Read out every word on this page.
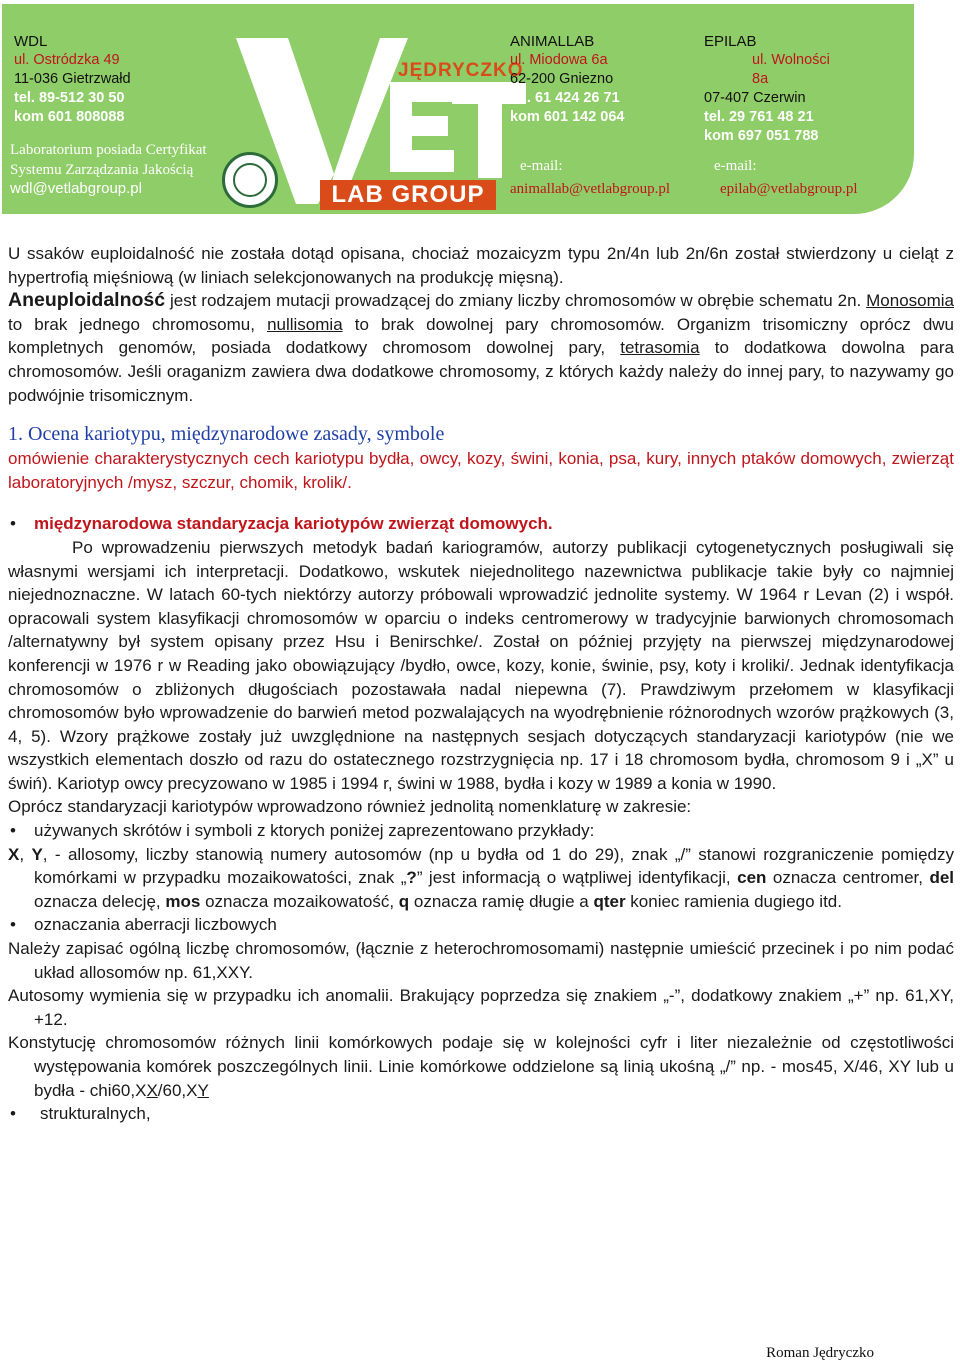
WDL
ul. Ostródzka 49
11-036 Gietrzwałd
tel. 89-512 30 50
kom 601 808088
Laboratorium posiada Certyfikat
Systemu Zarządzania Jakością
wdl@vetlabgroup.pl
JĘDRYCZKO
LAB GROUP
ANIMALLAB
ul. Miodowa 6a
62-200 Gniezno
tel. 61 424 26 71
kom 601 142 064
EPILAB
ul. Wolności
8a
07-407 Czerwin
tel. 29 761 48 21
kom 697 051 788
e-mail:	e-mail:
animallab@vetlabgroup.pl	epilab@vetlabgroup.pl

U ssaków euploidalność nie została dotąd opisana, chociaż mozaicyzm typu 2n/4n lub 2n/6n został stwierdzony u cieląt z hypertrofią mięśniową (w liniach selekcjonowanych na produkcję mięsną).

Aneuploidalność jest rodzajem mutacji prowadzącej do zmiany liczby chromosomów w obrębie schematu 2n. Monosomia to brak jednego chromosomu, nullisomia to brak dowolnej pary chromosomów. Organizm trisomiczny oprócz dwu kompletnych genomów, posiada dodatkowy chromosom dowolnej pary, tetrasomia to dodatkowa dowolna para chromosomów. Jeśli oraganizm zawiera dwa dodatkowe chromosomy, z których każdy należy do innej pary, to nazywamy go podwójnie trisomicznym.

1. Ocena kariotypu, międzynarodowe zasady, symbole

omówienie charakterystycznych cech kariotypu bydła, owcy, kozy, świni, konia, psa, kury, innych ptaków domowych, zwierząt laboratoryjnych /mysz, szczur, chomik, krolik/.

• międzynarodowa standaryzacja kariotypów zwierząt domowych.

Po wprowadzeniu pierwszych metodyk badań kariogramów, autorzy publikacji cytogenetycznych posługiwali się własnymi wersjami ich interpretacji. Dodatkowo, wskutek niejednolitego nazewnictwa publikacje takie były co najmniej niejednoznaczne. W latach 60-tych niektórzy autorzy próbowali wprowadzić jednolite systemy. W 1964 r Levan (2) i współ. opracowali system klasyfikacji chromosomów w oparciu o indeks centromerowy w tradycyjnie barwionych chromosomach /alternatywny był system opisany przez Hsu i Benirschke/. Został on później przyjęty na pierwszej międzynarodowej konferencji w 1976 r w Reading jako obowiązujący /bydło, owce, kozy, konie, świnie, psy, koty i kroliki/. Jednak identyfikacja chromosomów o zbliżonych długościach pozostawała nadal niepewna (7). Prawdziwym przełomem w klasyfikacji chromosomów było wprowadzenie do barwień metod pozwalających na wyodrębnienie różnorodnych wzorów prążkowych (3, 4, 5). Wzory prążkowe zostały już uwzględnione na następnych sesjach dotyczących standaryzacji kariotypów (nie we wszystkich elementach doszło od razu do ostatecznego rozstrzygnięcia np. 17 i 18 chromosom bydła, chromosom 9 i „X” u świń). Kariotyp owcy precyzowano w 1985 i 1994 r, świni w 1988, bydła i kozy w 1989 a konia w 1990.

Oprócz standaryzacji kariotypów wprowadzono również jednolitą nomenklaturę w zakresie:

• używanych skrótów i symboli z ktorych poniżej zaprezentowano przykłady:

X, Y, - allosomy, liczby stanowią numery autosomów (np u bydła od 1 do 29), znak „/” stanowi rozgraniczenie pomiędzy komórkami w przypadku mozaikowatości, znak „?” jest informacją o wątpliwej identyfikacji, cen oznacza centromer, del oznacza delecję, mos oznacza mozaikowatość, q oznacza ramię długie a qter koniec ramienia dugiego itd.

• oznaczania aberracji liczbowych

Należy zapisać ogólną liczbę chromosomów, (łącznie z heterochromosomami) następnie umieścić przecinek i po nim podać układ allosomów np. 61,XXY.

Autosomy wymienia się w przypadku ich anomalii. Brakujący poprzedza się znakiem „-”, dodatkowy znakiem „+” np. 61,XY, +12.

Konstytucję chromosomów różnych linii komórkowych podaje się w kolejności cyfr i liter niezależnie od częstotliwości występowania komórek poszczególnych linii. Linie komórkowe oddzielone są linią ukośną „/” np. - mos45, X/46, XY lub u bydła - chi60,XX/60,XY

• strukturalnych,

Roman Jędryczko
